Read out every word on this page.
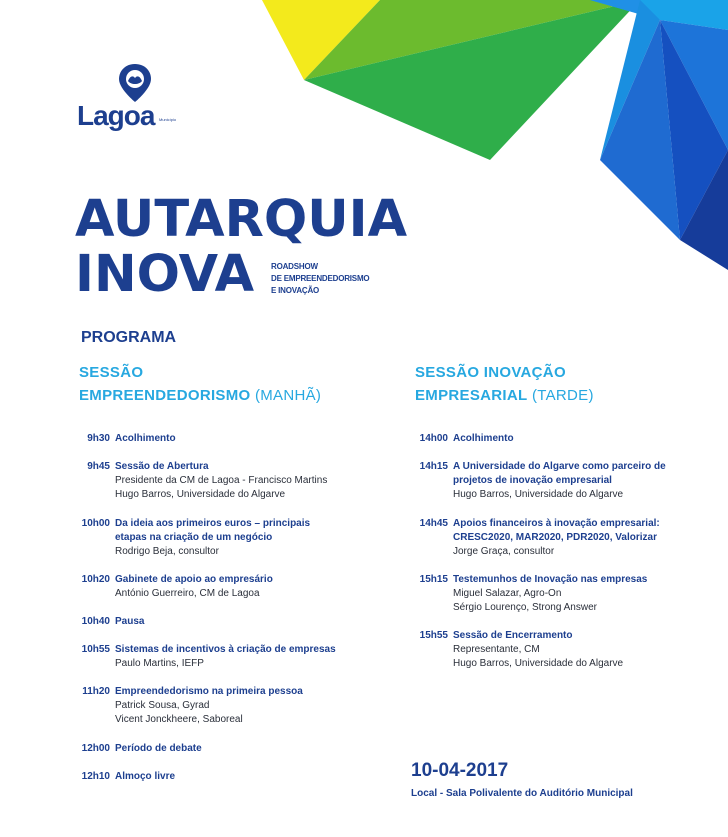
Lagoa Município
AUTARQUIA
INOVA	ROADSHOW
DE EMPREENDEDORISMO
E INOVAÇÃO
PROGRAMA
SESSÃO
EMPREENDEDORISMO (MANHÃ)
SESSÃO INOVAÇÃO
EMPRESARIAL (TARDE)
9h30 Acolhimento
9h45 Sessão de Abertura
Presidente da CM de Lagoa - Francisco Martins
Hugo Barros, Universidade do Algarve
10h00 Da ideia aos primeiros euros – principais
etapas na criação de um negócio
Rodrigo Beja, consultor
10h20 Gabinete de apoio ao empresário
António Guerreiro, CM de Lagoa
10h40 Pausa
10h55 Sistemas de incentivos à criação de empresas
Paulo Martins, IEFP
11h20 Empreendedorismo na primeira pessoa
Patrick Sousa, Gyrad
Vicent Jonckheere, Saboreal
12h00 Período de debate
12h10 Almoço livre
14h00 Acolhimento
14h15 A Universidade do Algarve como parceiro de
projetos de inovação empresarial
Hugo Barros, Universidade do Algarve
14h45 Apoios financeiros à inovação empresarial:
CRESC2020, MAR2020, PDR2020, Valorizar
Jorge Graça, consultor
15h15 Testemunhos de Inovação nas empresas
Miguel Salazar, Agro-On
Sérgio Lourenço, Strong Answer
15h55 Sessão de Encerramento
Representante, CM
Hugo Barros, Universidade do Algarve
10-04-2017
Local - Sala Polivalente do Auditório Municipal
